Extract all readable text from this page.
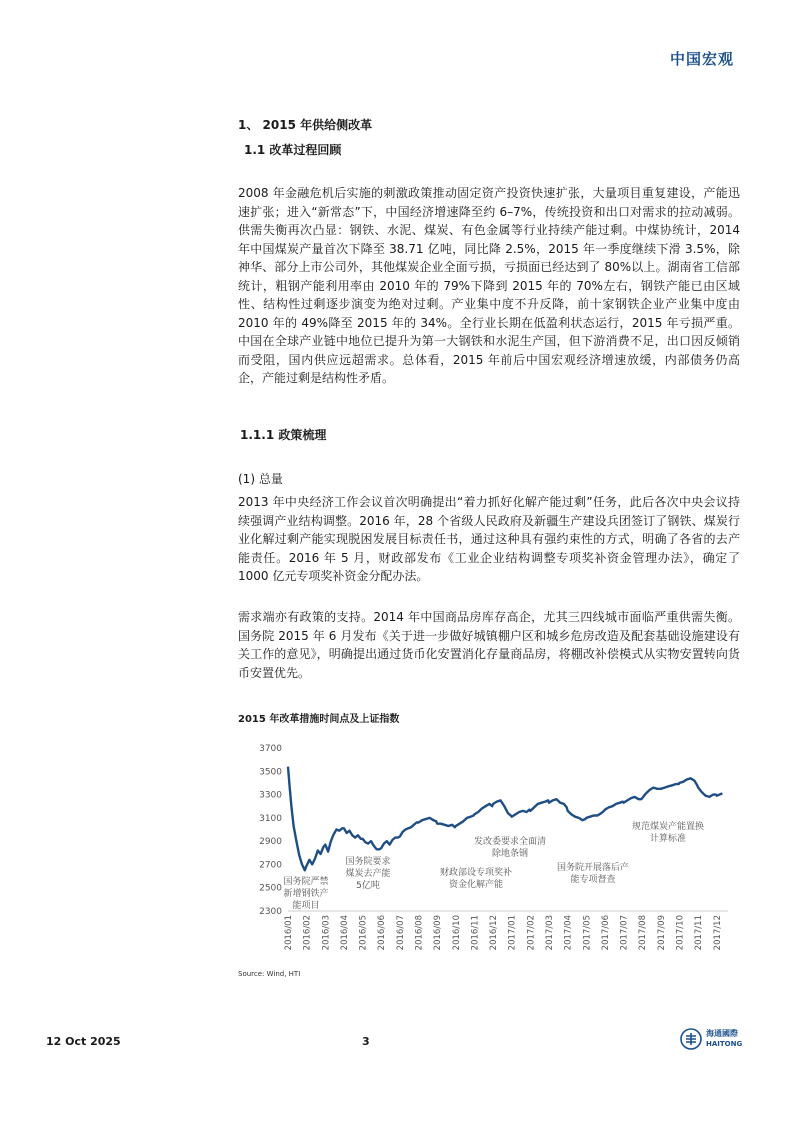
中国宏观
1、 2015 年供给侧改革
1.1 改革过程回顾

2008 年金融危机后实施的刺激政策推动固定资产投资快速扩张，大量项目重复建设，产能迅速扩张；进入“新常态”下，中国经济增速降至约 6–7%，传统投资和出口对需求的拉动减弱。供需失衡再次凸显：钢铁、水泥、煤炭、有色金属等行业持续产能过剩。中煤协统计，2014 年中国煤炭产量首次下降至 38.71 亿吨，同比降 2.5%，2015 年一季度继续下滑 3.5%，除神华、部分上市公司外，其他煤炭企业全面亏损，亏损面已经达到了 80%以上。湖南省工信部统计，粗钢产能利用率由 2010 年的 79%下降到 2015 年的 70%左右，钢铁产能已由区域性、结构性过剩逐步演变为绝对过剩。产业集中度不升反降，前十家钢铁企业产业集中度由 2010 年的 49%降至 2015 年的 34%。全行业长期在低盈利状态运行，2015 年亏损严重。中国在全球产业链中地位已提升为第一大钢铁和水泥生产国，但下游消费不足，出口因反倾销而受阻，国内供应远超需求。总体看，2015 年前后中国宏观经济增速放缓，内部债务仍高企，产能过剩是结构性矛盾。

1.1.1 政策梳理
(1) 总量

2013 年中央经济工作会议首次明确提出“着力抓好化解产能过剩”任务，此后各次中央会议持续强调产业结构调整。2016 年，28 个省级人民政府及新疆生产建设兵团签订了钢铁、煤炭行业化解过剩产能实现脱困发展目标责任书，通过这种具有强约束性的方式，明确了各省的去产能责任。2016 年 5 月，财政部发布《工业企业结构调整专项奖补资金管理办法》，确定了 1000 亿元专项奖补资金分配办法。

需求端亦有政策的支持。2014 年中国商品房库存高企，尤其三四线城市面临严重供需失衡。国务院 2015 年 6 月发布《关于进一步做好城镇棚户区和城乡危房改造及配套基础设施建设有关工作的意见》，明确提出通过货币化安置消化存量商品房，将棚改补偿模式从实物安置转向货币安置优先。

2015 年改革措施时间点及上证指数
2300
2500
2700
2900
3100
3300
3500
3700
2016/01 2016/02 2016/03 2016/04 2016/05 2016/06 2016/07 2016/08 2016/09 2016/10 2016/11 2016/12 2017/01 2017/02 2017/03 2017/04 2017/05 2017/06 2017/07 2017/08 2017/09 2017/10 2017/11 2017/12
国务院严禁
新增钢铁产
能项目
国务院要求
煤炭去产能
5亿吨
财政部设专项奖补
资金化解产能
发改委要求全面清
除地条钢
国务院开展落后产
能专项督查
规范煤炭产能置换
计算标准
Source: Wind, HTI
12 Oct 2025	3
海通國際
HAITONG
